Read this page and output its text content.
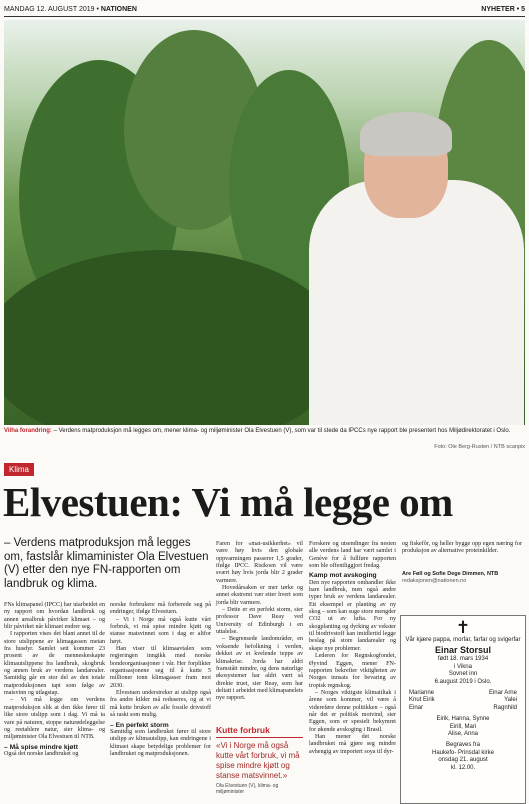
MANDAG 12. AUGUST 2019 • NATIONEN	NYHETER • 5
Vilha forandring: – Verdens matproduksjon må legges om, mener klima- og miljøminister Ola Elvestuen (V), som var til stede da IPCCs nye rapport ble presentert hos Miljødirektoratet i Oslo.
Foto: Ole Berg-Rusten / NTB scanpix
Klima
Elvestuen: Vi må legge om
– Verdens matproduksjon må legges om, fastslår klimaminister Ola Elvestuen (V) etter den nye FN-rapporten om landbruk og klima.

FNs klimapanel (IPCC) har utarbeidet en ny rapport om hvordan landbruk og annen arealbruk påvirker klimaet – og blir påvirket når klimaet endrer seg.

I rapporten vises det blant annet til de store utslippene av klimagassen metan fra husdyr. Samlet sett kommer 23 prosent av de menneskeskapte klimautslippene fra landbruk, skogbruk og annen bruk av verdens landarealer. Samtidig går en stor del av den totale matproduksjonen tapt som følge av matsvinn og utlagstap.

– Vi må legge om verdens matproduksjon slik at den ikke fører til like store utslipp som i dag. Vi må ta vare på naturen, stoppe naturødeleggelse og reetablere natur, sier klima- og miljøminister Ola Elvestuen til NTB.

– Må spise mindre kjøtt

Også det norske landbruket og

norske forbrukere må forberede seg på endringer, ifølge Elvestuen.

– Vi i Norge må også kutte vårt forbruk, vi må spise mindre kjøtt og stanse matsvinnet som i dag er altfor høyt.

Han viser til klimaavtalen som regjeringen inngikk med norske bondeorganisasjoner i vår. Her forplikter organisasjonene seg til å kutte 5 millioner tonn klimagasser fram mot 2030.

Elvestuen understreker at utslipp også fra andre kilder må reduseres, og at vi må kutte bruken av alle fossile drivstoff så raskt som mulig.

– En perfekt storm

Samtidig som landbruket fører til store utslipp av klimautslipp, kan endringene i klimaet skape betydelige problemer for landbruket og matproduksjonen.

Faren for «mat-usikkerhet» vil være høy hvis den globale oppvarmingen passerer 1,5 grader, ifølge IPCC. Risikoen vil være svært høy hvis jorda blir 2 grader varmere.

Hovedårsaken er mer tørke og annet ekstremt vær etter hvert som jorda blir varmere.

– Dette er en perfekt storm, sier professor Dave Reay ved University of Edinburgh i en uttalelse.

– Begrensede landområder, en voksende befolkning i verden, dekket av et kvelende teppe av klimakrise. Jorda har aldri framstått mindre, og dens naturlige økosystemer har aldri vært så direkte truet, sier Reay, som har deltatt i arbeidet med klimapanelets nye rapport.

Kutte forbruk
«Vi i Norge må også kutte vårt forbruk, vi må spise mindre kjøtt og stanse matsvinnet.»
Ola Elvestuen (V), klima- og miljøminister

Forskere og utsendinger fra nesten alle verdens land har vært samlet i Genève for å fullføre rapporten som ble offentliggjort fredag.

Kamp mot avskoging

Den nye rapporten omhandler ikke bare landbruk, men også andre typer bruk av verdens landarealer. Ett eksempel er planting av ny skog – som kan suge store mengder CO2 ut av lufta. For ny skogplanting og dyrking av vekster til biodrivstoff kan imidlertid legge beslag på store landarealer og skape nye problemer.

Lederen for Regnskogfondet, Øyvind Eggen, mener FN-rapporten bekrefter viktigheten av Norges innsats for bevaring av tropisk regnskog.

– Norges viktigste klimatiltak i årene som kommer, vil være å videreføre denne politikken – også når det er politisk motvind, sier Eggen, som er spesielt bekymret for økende avskoging i Brasil.

Han mener det norske landbruket må gjøre seg mindre avhengig av importert soya til dyr-

og fiskefôr, og heller bygge opp egen næring for produksjon av alternative proteinkilder.

Are Føll og Sofie Dege Dimmen, NTB
redaksjonen@nationen.no
✝
Vår kjære pappa, morfar, farfar og svigerfar
Einar Storsul
født 18. mars 1934
i Vikna
Sovnet inn
6.august 2019 i Oslo.
Marianne	Einar Arne
Knut Eirik	Yalei
Einar	Ragnhild
Eirik, Hanna, Synne
Eirill, Mari
Alise, Anna
Begraves fra
Haukefo- Prinsdal kirke
onsdag 21. august
kl. 12.00.
